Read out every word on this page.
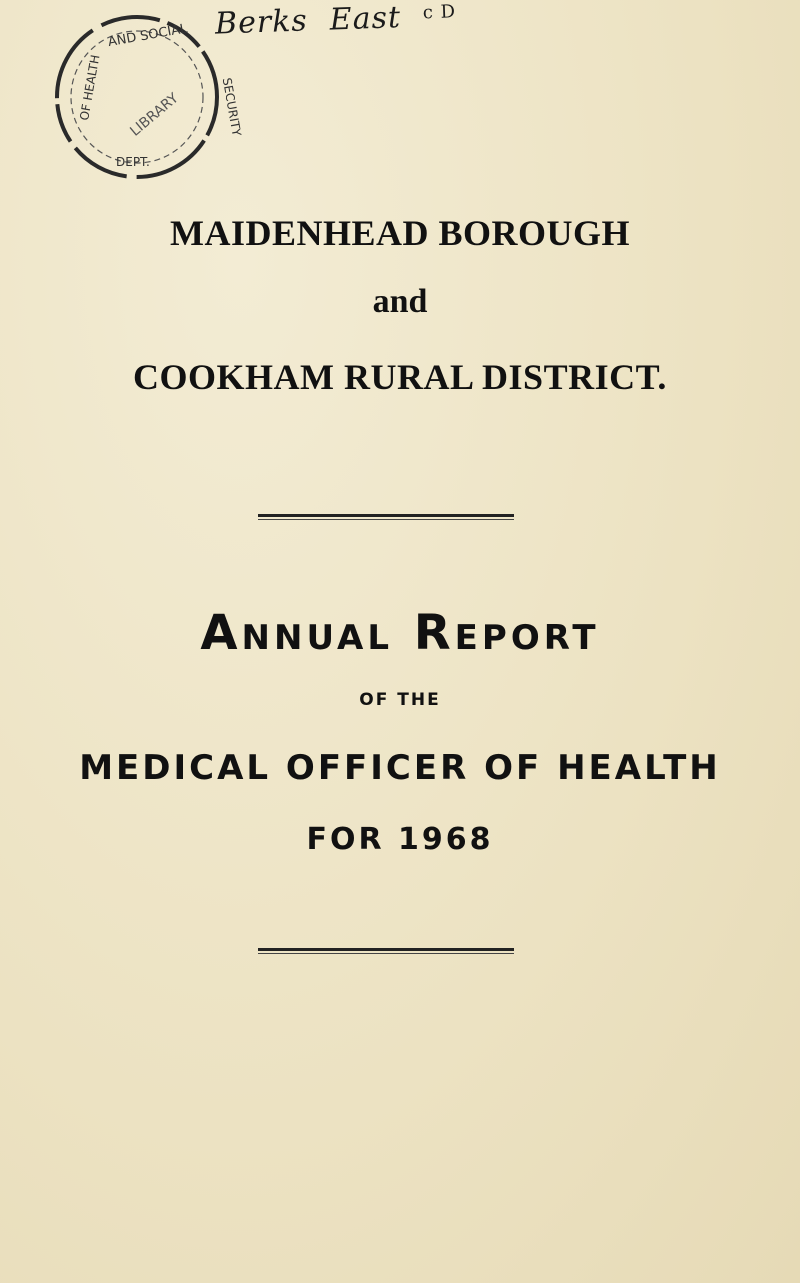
AND SOCIAL
OF HEALTH	SECURITY
LIBRARY
DEPT.
Berks East $^{c D}$
MAIDENHEAD BOROUGH
and
COOKHAM RURAL DISTRICT.
Annual Report
OF THE
MEDICAL OFFICER OF HEALTH
FOR 1968
